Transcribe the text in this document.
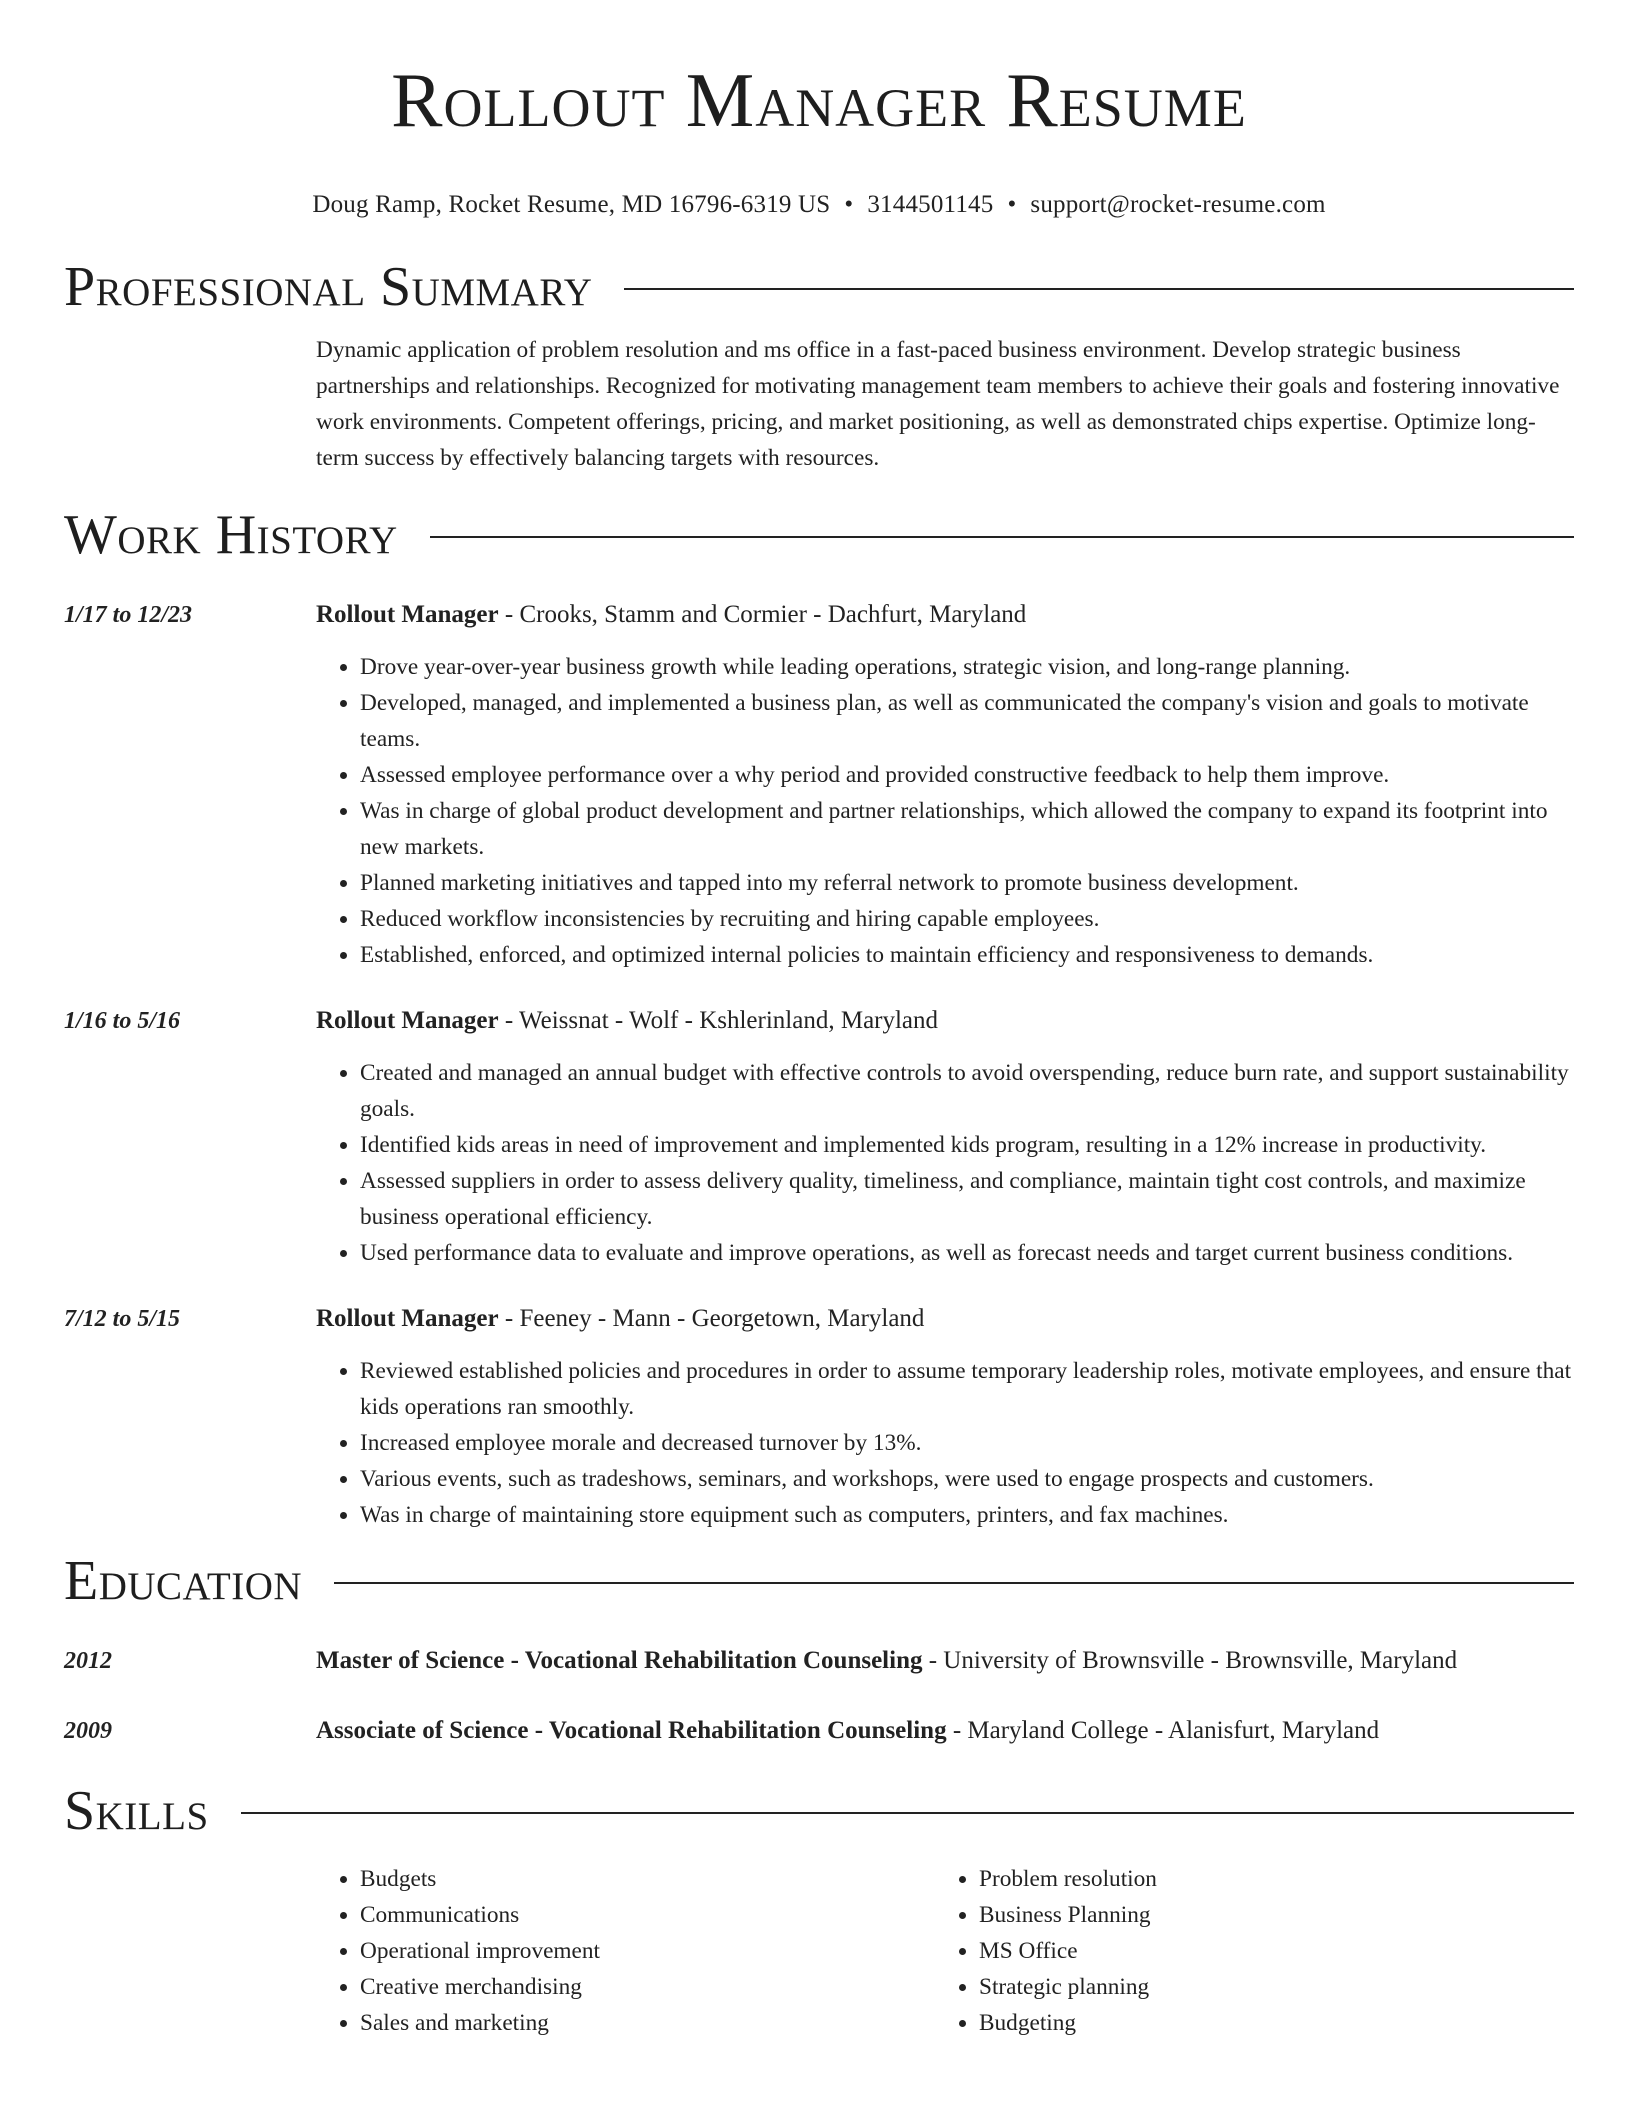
Rollout Manager Resume
Doug Ramp, Rocket Resume, MD 16796-6319 US • 3144501145 • support@rocket-resume.com
Professional Summary
Dynamic application of problem resolution and ms office in a fast-paced business environment. Develop strategic business partnerships and relationships. Recognized for motivating management team members to achieve their goals and fostering innovative work environments. Competent offerings, pricing, and market positioning, as well as demonstrated chips expertise. Optimize long-term success by effectively balancing targets with resources.
Work History
1/17 to 12/23	Rollout Manager - Crooks, Stamm and Cormier - Dachfurt, Maryland
• Drove year-over-year business growth while leading operations, strategic vision, and long-range planning.
• Developed, managed, and implemented a business plan, as well as communicated the company's vision and goals to motivate teams.
• Assessed employee performance over a why period and provided constructive feedback to help them improve.
• Was in charge of global product development and partner relationships, which allowed the company to expand its footprint into new markets.
• Planned marketing initiatives and tapped into my referral network to promote business development.
• Reduced workflow inconsistencies by recruiting and hiring capable employees.
• Established, enforced, and optimized internal policies to maintain efficiency and responsiveness to demands.
1/16 to 5/16	Rollout Manager - Weissnat - Wolf - Kshlerinland, Maryland
• Created and managed an annual budget with effective controls to avoid overspending, reduce burn rate, and support sustainability goals.
• Identified kids areas in need of improvement and implemented kids program, resulting in a 12% increase in productivity.
• Assessed suppliers in order to assess delivery quality, timeliness, and compliance, maintain tight cost controls, and maximize business operational efficiency.
• Used performance data to evaluate and improve operations, as well as forecast needs and target current business conditions.
7/12 to 5/15	Rollout Manager - Feeney - Mann - Georgetown, Maryland
• Reviewed established policies and procedures in order to assume temporary leadership roles, motivate employees, and ensure that kids operations ran smoothly.
• Increased employee morale and decreased turnover by 13%.
• Various events, such as tradeshows, seminars, and workshops, were used to engage prospects and customers.
• Was in charge of maintaining store equipment such as computers, printers, and fax machines.
Education
2012	Master of Science - Vocational Rehabilitation Counseling - University of Brownsville - Brownsville, Maryland
2009	Associate of Science - Vocational Rehabilitation Counseling - Maryland College - Alanisfurt, Maryland
Skills
• Budgets
• Communications
• Operational improvement
• Creative merchandising
• Sales and marketing
• Problem resolution
• Business Planning
• MS Office
• Strategic planning
• Budgeting
